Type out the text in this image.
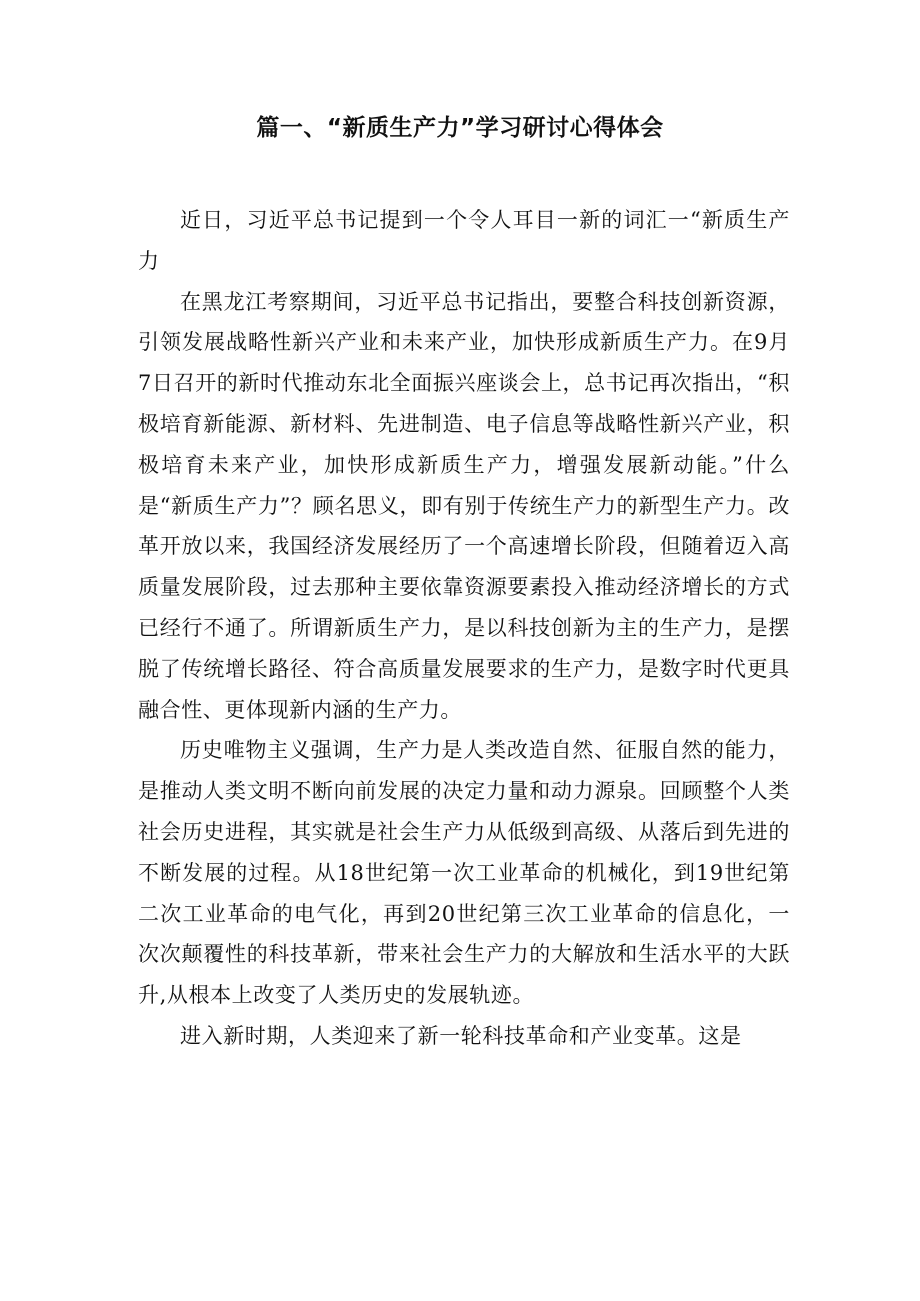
篇一、“新质生产力”学习研讨心得体会

近日，习近平总书记提到一个令人耳目一新的词汇一“新质生产力

在黑龙江考察期间，习近平总书记指出，要整合科技创新资源，引领发展战略性新兴产业和未来产业，加快形成新质生产力。在9月7日召开的新时代推动东北全面振兴座谈会上，总书记再次指出，“积极培育新能源、新材料、先进制造、电子信息等战略性新兴产业，积极培育未来产业，加快形成新质生产力，增强发展新动能。”什么是“新质生产力”？顾名思义，即有别于传统生产力的新型生产力。改革开放以来，我国经济发展经历了一个高速增长阶段，但随着迈入高质量发展阶段，过去那种主要依靠资源要素投入推动经济增长的方式已经行不通了。所谓新质生产力，是以科技创新为主的生产力，是摆脱了传统增长路径、符合高质量发展要求的生产力，是数字时代更具融合性、更体现新内涵的生产力。

历史唯物主义强调，生产力是人类改造自然、征服自然的能力，是推动人类文明不断向前发展的决定力量和动力源泉。回顾整个人类社会历史进程，其实就是社会生产力从低级到高级、从落后到先进的不断发展的过程。从18世纪第一次工业革命的机械化，到19世纪第二次工业革命的电气化，再到20世纪第三次工业革命的信息化，一次次颠覆性的科技革新，带来社会生产力的大解放和生活水平的大跃升,从根本上改变了人类历史的发展轨迹。

进入新时期，人类迎来了新一轮科技革命和产业变革。这是
